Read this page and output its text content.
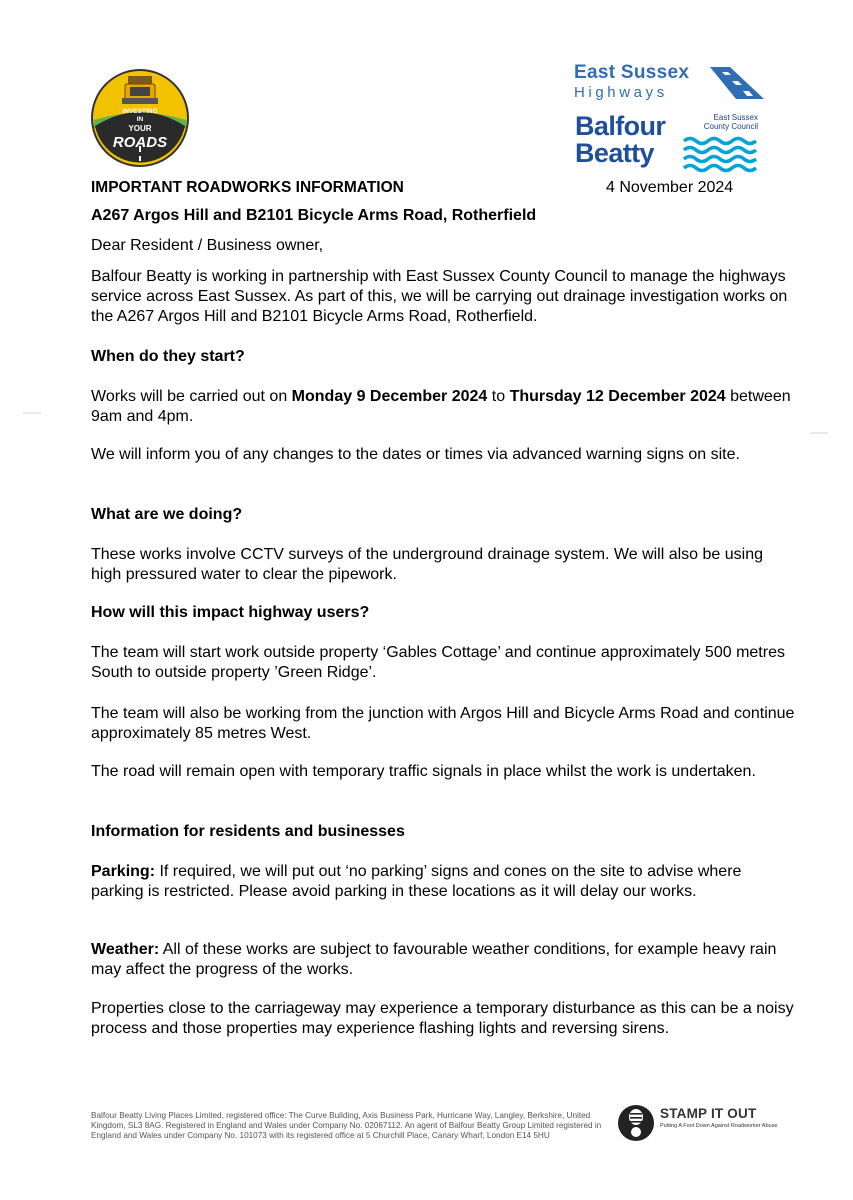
INVESTING
IN
YOUR
ROADS
East Sussex
Highways
Balfour
Beatty
East Sussex
County Council
IMPORTANT ROADWORKS INFORMATION	4 November 2024
A267 Argos Hill and B2101 Bicycle Arms Road, Rotherfield
Dear Resident / Business owner,

Balfour Beatty is working in partnership with East Sussex County Council to manage the highways service across East Sussex. As part of this, we will be carrying out drainage investigation works on the A267 Argos Hill and B2101 Bicycle Arms Road, Rotherfield.

When do they start?

Works will be carried out on Monday 9 December 2024 to Thursday 12 December 2024 between 9am and 4pm.

We will inform you of any changes to the dates or times via advanced warning signs on site.

What are we doing?

These works involve CCTV surveys of the underground drainage system. We will also be using high pressured water to clear the pipework.

How will this impact highway users?

The team will start work outside property ‘Gables Cottage’ and continue approximately 500 metres South to outside property ’Green Ridge’.

The team will also be working from the junction with Argos Hill and Bicycle Arms Road and continue approximately 85 metres West.

The road will remain open with temporary traffic signals in place whilst the work is undertaken.

Information for residents and businesses

Parking: If required, we will put out ‘no parking’ signs and cones on the site to advise where parking is restricted. Please avoid parking in these locations as it will delay our works.

Weather: All of these works are subject to favourable weather conditions, for example heavy rain may affect the progress of the works.

Properties close to the carriageway may experience a temporary disturbance as this can be a noisy process and those properties may experience flashing lights and reversing sirens.

Balfour Beatty Living Places Limited, registered office: The Curve Building, Axis Business Park, Hurricane Way, Langley, Berkshire, United Kingdom, SL3 8AG. Registered in England and Wales under Company No. 02067112. An agent of Balfour Beatty Group Limited registered in England and Wales under Company No. 101073 with its registered office at 5 Churchill Place, Canary Wharf, London E14 5HU
STAMP IT OUT
Putting A Foot Down Against Roadworker Abuse
